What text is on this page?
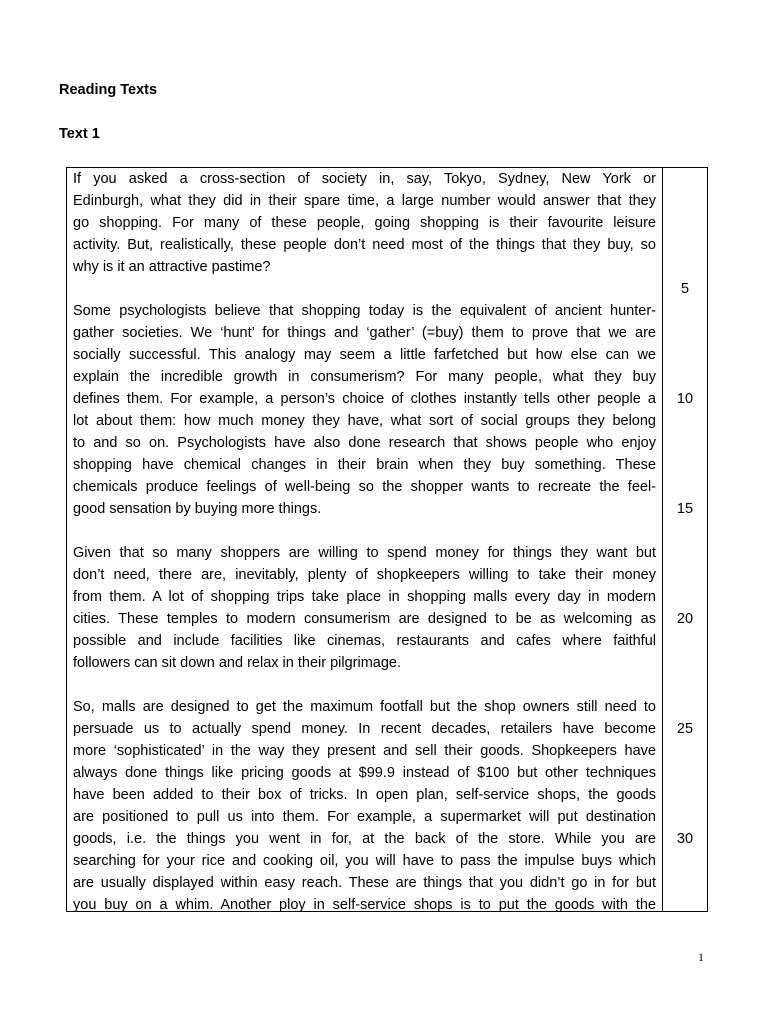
Reading Texts
Text 1
If you asked a cross-section of society in, say, Tokyo, Sydney, New York or
Edinburgh, what they did in their spare time, a large number would answer that they
go shopping. For many of these people, going shopping is their favourite leisure
activity. But, realistically, these people don’t need most of the things that they buy, so
why is it an attractive pastime?
Some psychologists believe that shopping today is the equivalent of ancient hunter-
gather societies. We ‘hunt’ for things and ‘gather’ (=buy) them to prove that we are
socially successful. This analogy may seem a little farfetched but how else can we
explain the incredible growth in consumerism? For many people, what they buy
defines them. For example, a person’s choice of clothes instantly tells other people a
lot about them: how much money they have, what sort of social groups they belong
to and so on. Psychologists have also done research that shows people who enjoy
shopping have chemical changes in their brain when they buy something. These
chemicals produce feelings of well-being so the shopper wants to recreate the feel-
good sensation by buying more things.
Given that so many shoppers are willing to spend money for things they want but
don’t need, there are, inevitably, plenty of shopkeepers willing to take their money
from them. A lot of shopping trips take place in shopping malls every day in modern
cities. These temples to modern consumerism are designed to be as welcoming as
possible and include facilities like cinemas, restaurants and cafes where faithful
followers can sit down and relax in their pilgrimage.
So, malls are designed to get the maximum footfall but the shop owners still need to
persuade us to actually spend money. In recent decades, retailers have become
more ‘sophisticated’ in the way they present and sell their goods. Shopkeepers have
always done things like pricing goods at $99.9 instead of $100 but other techniques
have been added to their box of tricks. In open plan, self-service shops, the goods
are positioned to pull us into them. For example, a supermarket will put destination
goods, i.e. the things you went in for, at the back of the store. While you are
searching for your rice and cooking oil, you will have to pass the impulse buys which
are usually displayed within easy reach. These are things that you didn’t go in for but
you buy on a whim. Another ploy in self-service shops is to put the goods with the
5
10
15
20
25
30
1
